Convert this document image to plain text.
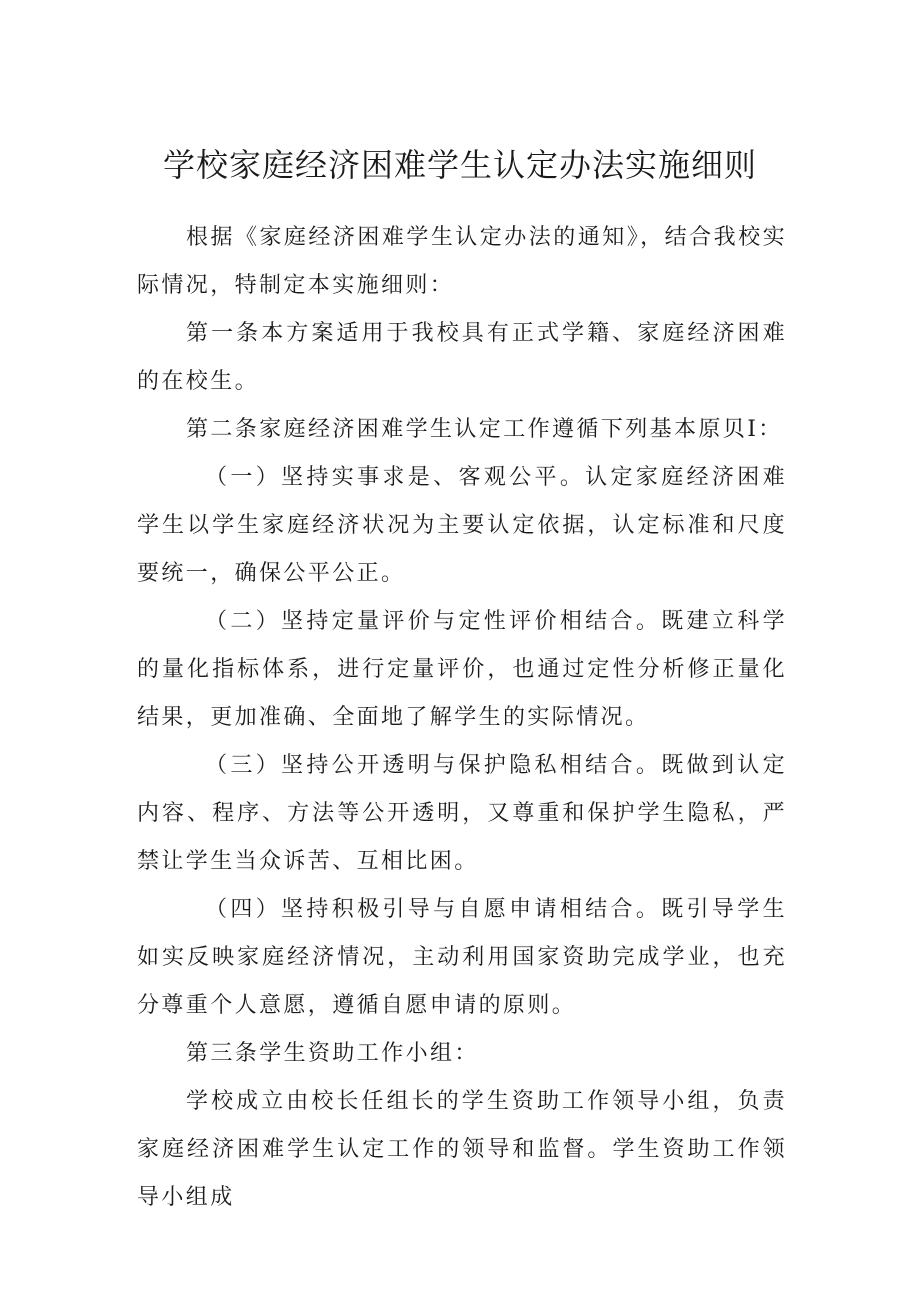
学校家庭经济困难学生认定办法实施细则

根据《家庭经济困难学生认定办法的通知》，结合我校实际情况，特制定本实施细则：

第一条本方案适用于我校具有正式学籍、家庭经济困难的在校生。

第二条家庭经济困难学生认定工作遵循下列基本原贝I：

（一）坚持实事求是、客观公平。认定家庭经济困难学生以学生家庭经济状况为主要认定依据，认定标准和尺度要统一，确保公平公正。

（二）坚持定量评价与定性评价相结合。既建立科学的量化指标体系，进行定量评价，也通过定性分析修正量化结果，更加准确、全面地了解学生的实际情况。

（三）坚持公开透明与保护隐私相结合。既做到认定内容、程序、方法等公开透明，又尊重和保护学生隐私，严禁让学生当众诉苦、互相比困。

（四）坚持积极引导与自愿申请相结合。既引导学生如实反映家庭经济情况，主动利用国家资助完成学业，也充分尊重个人意愿，遵循自愿申请的原则。

第三条学生资助工作小组：

学校成立由校长任组长的学生资助工作领导小组，负责家庭经济困难学生认定工作的领导和监督。学生资助工作领导小组成
